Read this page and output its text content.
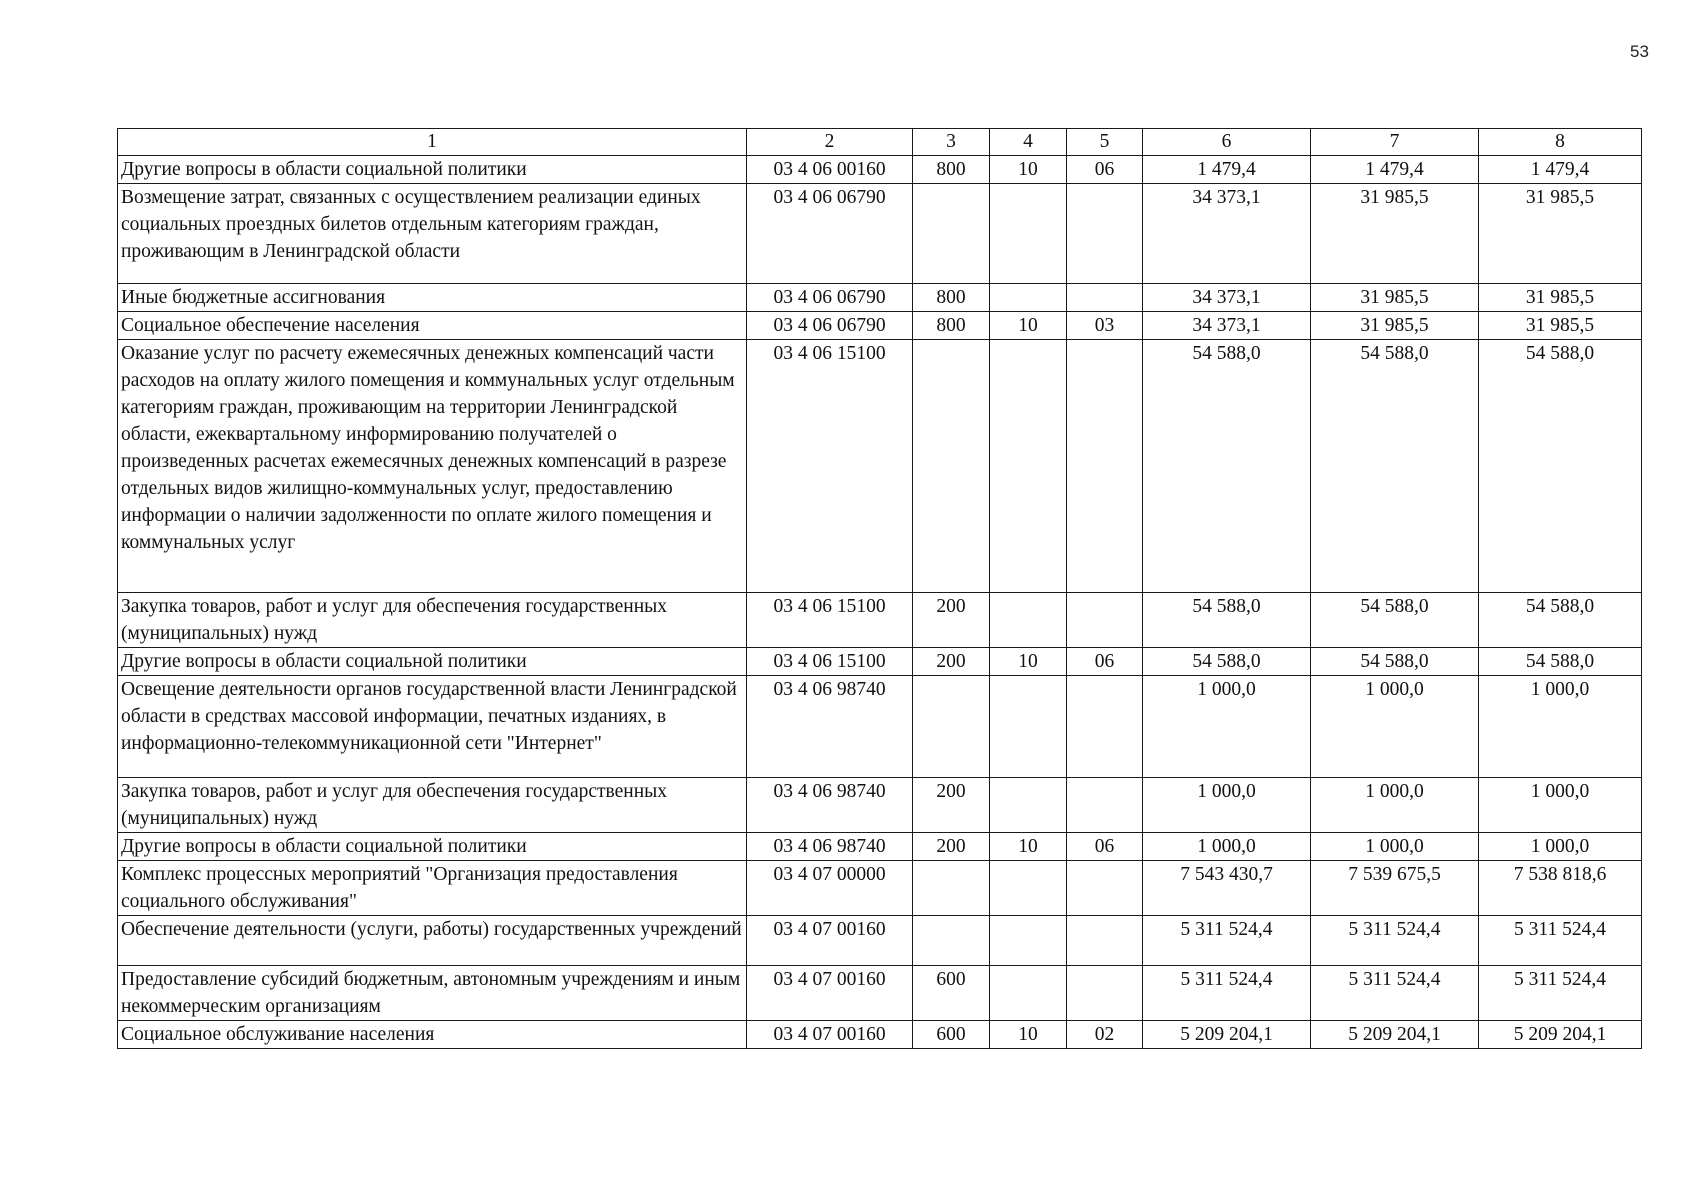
53
1	2	3	4	5	6	7	8
Другие вопросы в области социальной политики	03 4 06 00160	800	10	06	1 479,4	1 479,4	1 479,4
Возмещение затрат, связанных с осуществлением реализации единых социальных проездных билетов отдельным категориям граждан, проживающим в Ленинградской области	03 4 06 06790				34 373,1	31 985,5	31 985,5
Иные бюджетные ассигнования	03 4 06 06790	800			34 373,1	31 985,5	31 985,5
Социальное обеспечение населения	03 4 06 06790	800	10	03	34 373,1	31 985,5	31 985,5
Оказание услуг по расчету ежемесячных денежных компенсаций части расходов на оплату жилого помещения и коммунальных услуг отдельным категориям граждан, проживающим на территории Ленинградской области, ежеквартальному информированию получателей о произведенных расчетах ежемесячных денежных компенсаций в разрезе отдельных видов жилищно-коммунальных услуг, предоставлению информации о наличии задолженности по оплате жилого помещения и коммунальных услуг	03 4 06 15100				54 588,0	54 588,0	54 588,0
Закупка товаров, работ и услуг для обеспечения государственных (муниципальных) нужд	03 4 06 15100	200			54 588,0	54 588,0	54 588,0
Другие вопросы в области социальной политики	03 4 06 15100	200	10	06	54 588,0	54 588,0	54 588,0
Освещение деятельности органов государственной власти Ленинградской области в средствах массовой информации, печатных изданиях, в информационно-телекоммуникационной сети "Интернет"	03 4 06 98740				1 000,0	1 000,0	1 000,0
Закупка товаров, работ и услуг для обеспечения государственных (муниципальных) нужд	03 4 06 98740	200			1 000,0	1 000,0	1 000,0
Другие вопросы в области социальной политики	03 4 06 98740	200	10	06	1 000,0	1 000,0	1 000,0
Комплекс процессных мероприятий "Организация предоставления социального обслуживания"	03 4 07 00000				7 543 430,7	7 539 675,5	7 538 818,6
Обеспечение деятельности (услуги, работы) государственных учреждений	03 4 07 00160				5 311 524,4	5 311 524,4	5 311 524,4
Предоставление субсидий бюджетным, автономным учреждениям и иным некоммерческим организациям	03 4 07 00160	600			5 311 524,4	5 311 524,4	5 311 524,4
Социальное обслуживание населения	03 4 07 00160	600	10	02	5 209 204,1	5 209 204,1	5 209 204,1
